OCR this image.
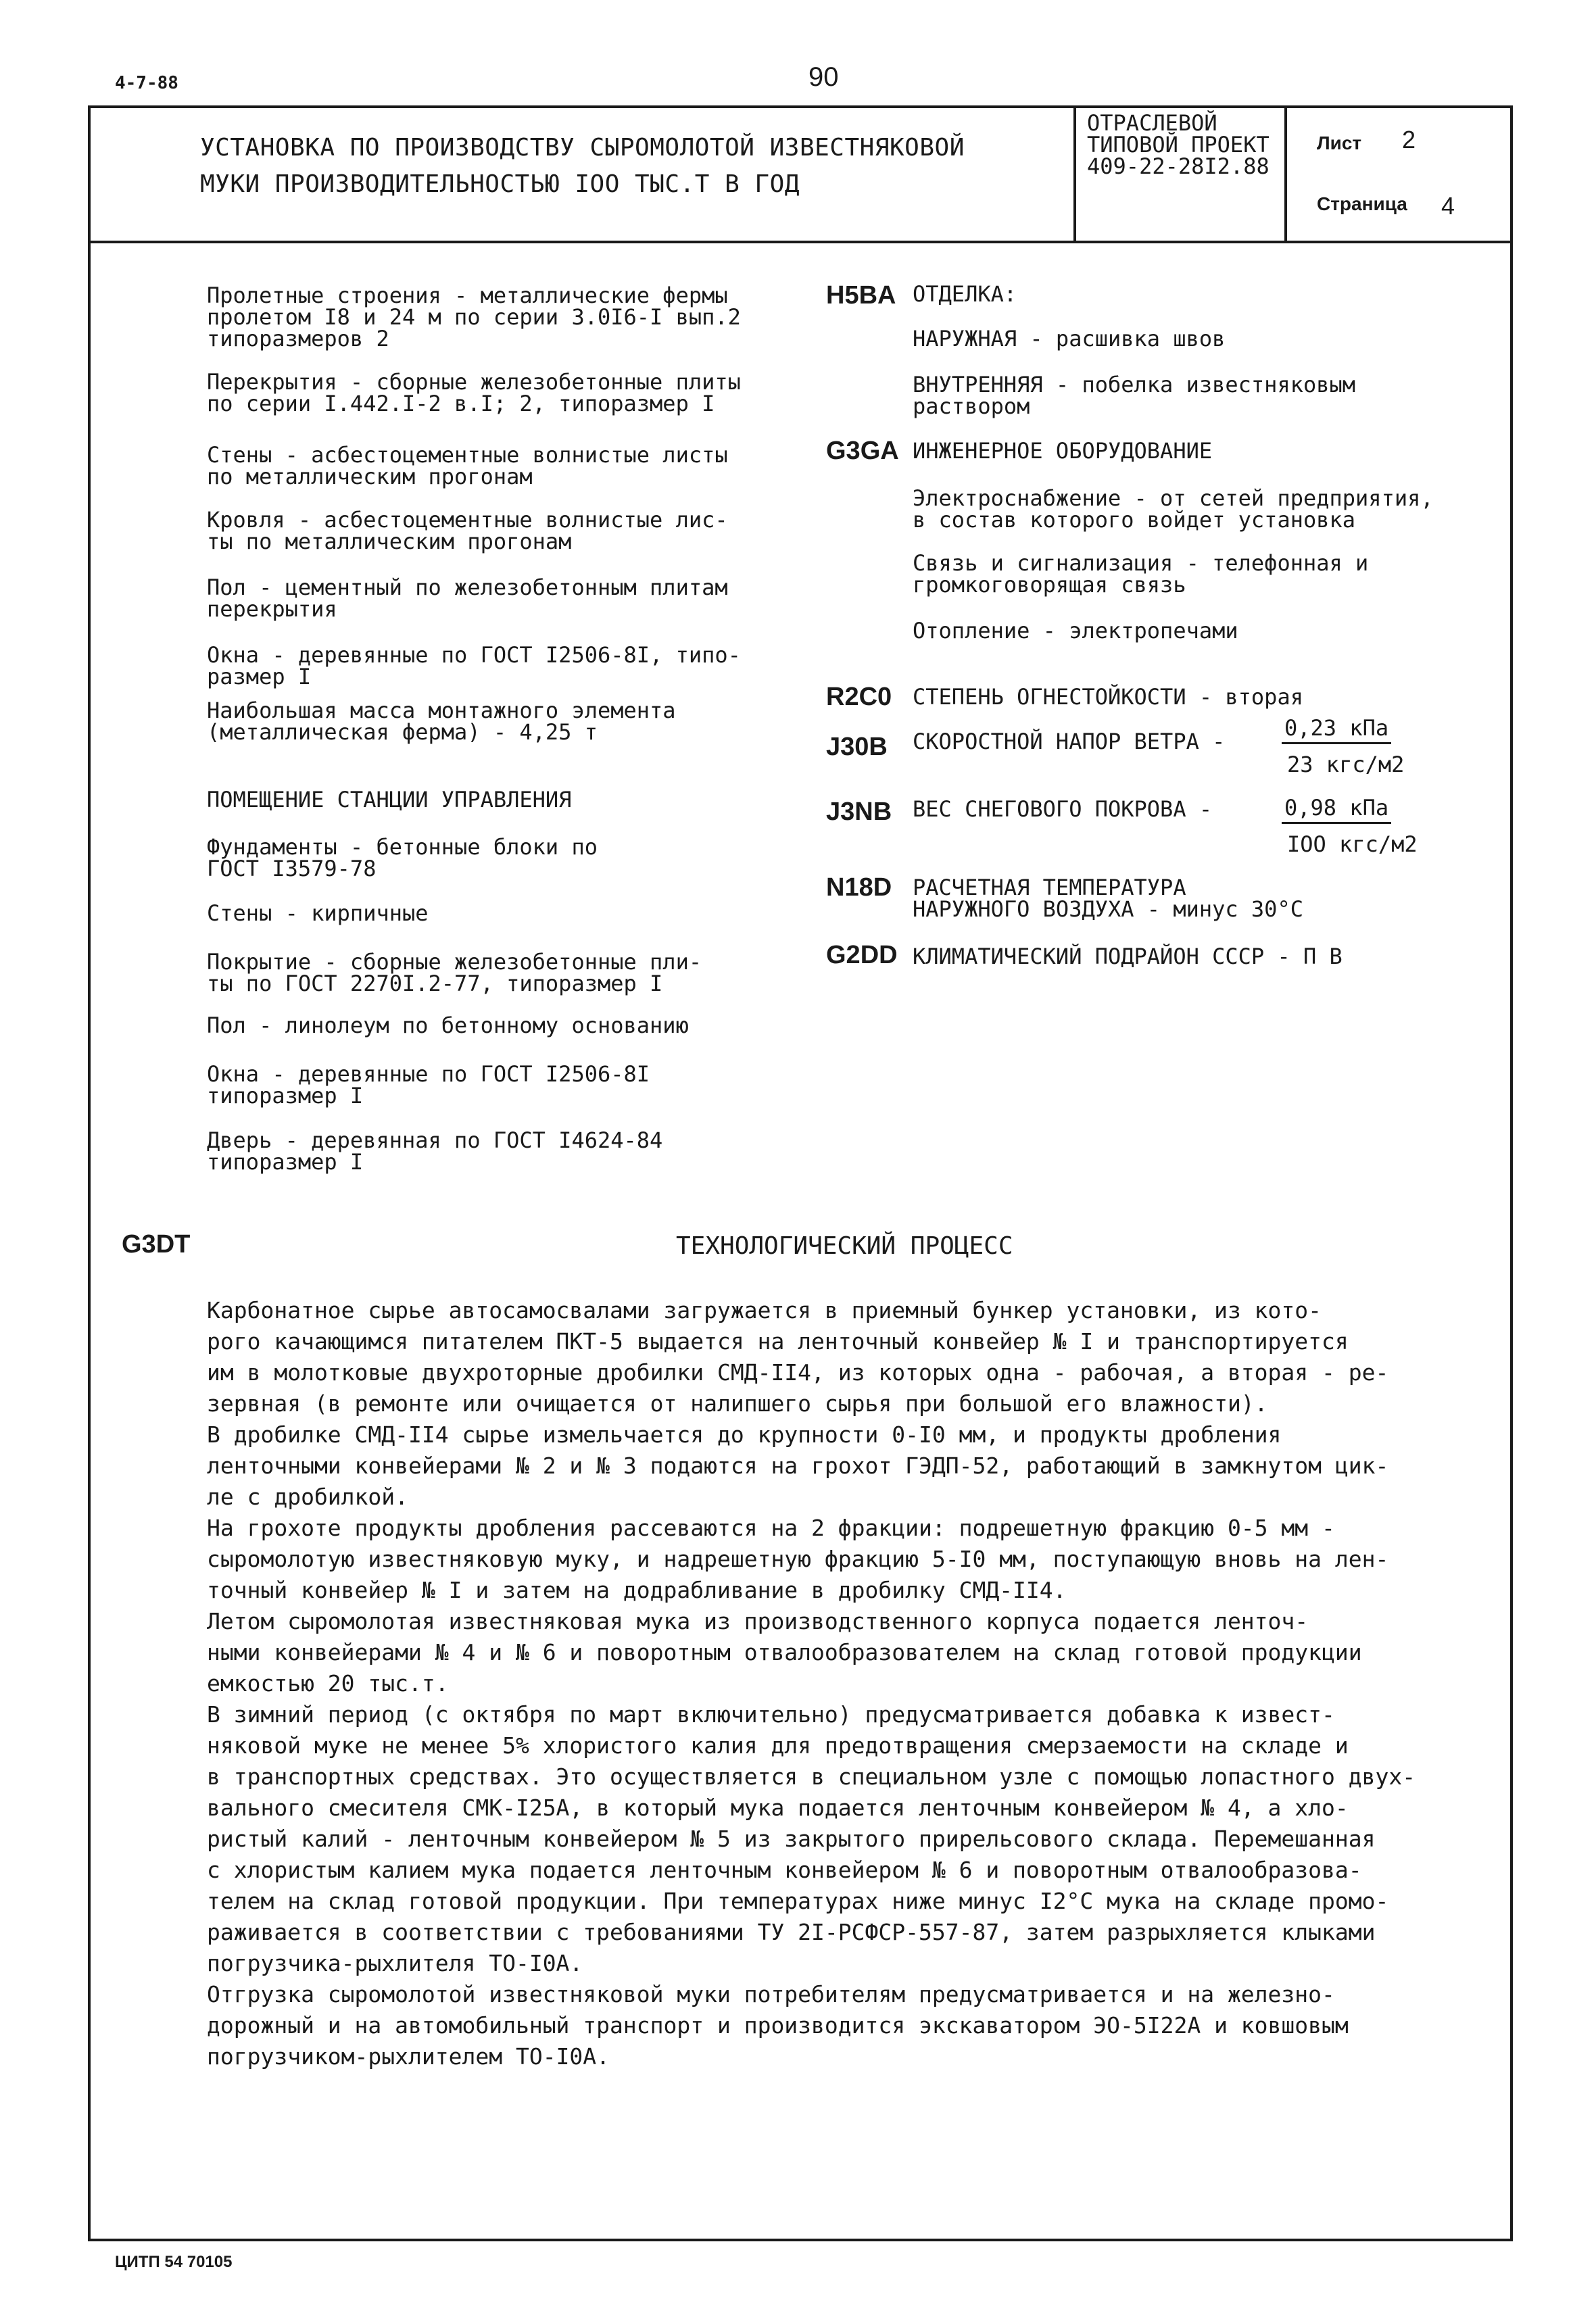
4-7-88	90
УСТАНОВКА ПО ПРОИЗВОДСТВУ СЫРОМОЛОТОЙ ИЗВЕСТНЯКОВОЙ
МУКИ ПРОИЗВОДИТЕЛЬНОСТЬЮ IOO ТЫС.Т В ГОД
ОТРАСЛЕВОЙ
ТИПОВОЙ ПРОЕКТ
409-22-28I2.88
Лист 2
Страница 4
Пролетные строения - металлические фермы
пролетом I8 и 24 м по серии 3.0I6-I вып.2
типоразмеров 2
Перекрытия - сборные железобетонные плиты
по серии I.442.I-2 в.I; 2, типоразмер I
Стены - асбестоцементные волнистые листы
по металлическим прогонам
Кровля - асбестоцементные волнистые лис-
ты по металлическим прогонам
Пол - цементный по железобетонным плитам
перекрытия
Окна - деревянные по ГОСТ I2506-8I, типо-
размер I
Наибольшая масса монтажного элемента
(металлическая ферма) - 4,25 т
ПОМЕЩЕНИЕ СТАНЦИИ УПРАВЛЕНИЯ
Фундаменты - бетонные блоки по
ГОСТ I3579-78
Стены - кирпичные
Покрытие - сборные железобетонные пли-
ты по ГОСТ 2270I.2-77, типоразмер I
Пол - линолеум по бетонному основанию
Окна - деревянные по ГОСТ I2506-8I
типоразмер I
Дверь - деревянная по ГОСТ I4624-84
типоразмер I
H5BA ОТДЕЛКА:
НАРУЖНАЯ - расшивка швов
ВНУТРЕННЯЯ - побелка известняковым
раствором
G3GA ИНЖЕНЕРНОЕ ОБОРУДОВАНИЕ
Электроснабжение - от сетей предприятия,
в состав которого войдет установка
Связь и сигнализация - телефонная и
громкоговорящая связь
Отопление - электропечами
R2C0 СТЕПЕНЬ ОГНЕСТОЙКОСТИ - вторая
J30B СКОРОСТНОЙ НАПОР ВЕТРА -
0,23 кПа
23 кгс/м2
J3NB ВЕС СНЕГОВОГО ПОКРОВА -	0,98 кПа
IOO кгс/м2
N18D РАСЧЕТНАЯ ТЕМПЕРАТУРА
НАРУЖНОГО ВОЗДУХА - минус 30°С
G2DD КЛИМАТИЧЕСКИЙ ПОДРАЙОН СССР - П В
G3DT	ТЕХНОЛОГИЧЕСКИЙ ПРОЦЕСС
Карбонатное сырье автосамосвалами загружается в приемный бункер установки, из кото-
рого качающимся питателем ПКТ-5 выдается на ленточный конвейер № I и транспортируется
им в молотковые двухроторные дробилки СМД-II4, из которых одна - рабочая, а вторая - ре-
зервная (в ремонте или очищается от налипшего сырья при большой его влажности).
В дробилке СМД-II4 сырье измельчается до крупности 0-I0 мм, и продукты дробления
ленточными конвейерами № 2 и № 3 подаются на грохот ГЭДП-52, работающий в замкнутом цик-
ле с дробилкой.
На грохоте продукты дробления рассеваются на 2 фракции: подрешетную фракцию 0-5 мм -
сыромолотую известняковую муку, и надрешетную фракцию 5-I0 мм, поступающую вновь на лен-
точный конвейер № I и затем на додрабливание в дробилку СМД-II4.
Летом сыромолотая известняковая мука из производственного корпуса подается ленточ-
ными конвейерами № 4 и № 6 и поворотным отвалообразователем на склад готовой продукции
емкостью 20 тыс.т.
В зимний период (с октября по март включительно) предусматривается добавка к извест-
няковой муке не менее 5% хлористого калия для предотвращения смерзаемости на складе и
в транспортных средствах. Это осуществляется в специальном узле с помощью лопастного двух-
вального смесителя СМК-I25А, в который мука подается ленточным конвейером № 4, а хло-
ристый калий - ленточным конвейером № 5 из закрытого прирельсового склада. Перемешанная
с хлористым калием мука подается ленточным конвейером № 6 и поворотным отвалообразова-
телем на склад готовой продукции. При температурах ниже минус I2°С мука на складе промо-
раживается в соответствии с требованиями ТУ 2I-РСФСР-557-87, затем разрыхляется клыками
погрузчика-рыхлителя ТО-I0А.
Отгрузка сыромолотой известняковой муки потребителям предусматривается и на железно-
дорожный и на автомобильный транспорт и производится экскаватором ЭО-5I22А и ковшовым
погрузчиком-рыхлителем ТО-I0А.
ЦИТП 54 70105
